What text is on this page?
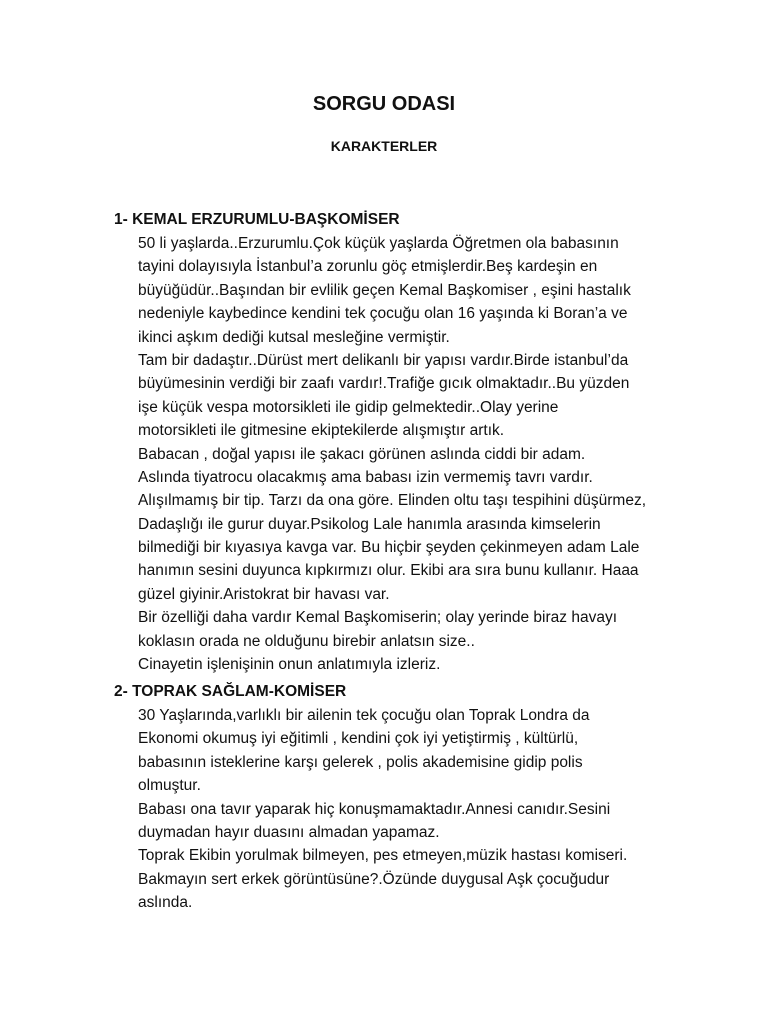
SORGU ODASI
KARAKTERLER
1- KEMAL ERZURUMLU-BAŞKOMİSER
50 li yaşlarda..Erzurumlu.Çok küçük yaşlarda Öğretmen ola babasının
tayini dolayısıyla İstanbul’a zorunlu göç etmişlerdir.Beş kardeşin en
büyüğüdür..Başından bir evlilik geçen Kemal Başkomiser , eşini hastalık
nedeniyle kaybedince kendini tek çocuğu olan 16 yaşında ki Boran’a ve
ikinci aşkım dediği kutsal mesleğine vermiştir.
Tam bir dadaştır..Dürüst mert delikanlı bir yapısı vardır.Birde istanbul’da
büyümesinin verdiği bir zaafı vardır!.Trafiğe gıcık olmaktadır..Bu yüzden
işe küçük vespa motorsikleti ile gidip gelmektedir..Olay yerine
motorsikleti ile gitmesine ekiptekilerde alışmıştır artık.
Babacan , doğal yapısı ile şakacı görünen aslında ciddi bir adam.
Aslında tiyatrocu olacakmış ama babası izin vermemiş tavrı vardır.
Alışılmamış bir tip. Tarzı da ona göre. Elinden oltu taşı tespihini düşürmez,
Dadaşlığı ile gurur duyar.Psikolog Lale hanımla arasında kimselerin
bilmediği bir kıyasıya kavga var. Bu hiçbir şeyden çekinmeyen adam Lale
hanımın sesini duyunca kıpkırmızı olur. Ekibi ara sıra bunu kullanır. Haaa
güzel giyinir.Aristokrat bir havası var.
Bir özelliği daha vardır Kemal Başkomiserin; olay yerinde biraz havayı
koklasın orada ne olduğunu birebir anlatsın size..
Cinayetin işlenişinin onun anlatımıyla izleriz.
2- TOPRAK SAĞLAM-KOMİSER
30 Yaşlarında,varlıklı bir ailenin tek çocuğu olan Toprak Londra da
Ekonomi okumuş iyi eğitimli , kendini çok iyi yetiştirmiş , kültürlü,
babasının isteklerine karşı gelerek , polis akademisine gidip polis
olmuştur.
Babası ona tavır yaparak hiç konuşmamaktadır.Annesi canıdır.Sesini
duymadan hayır duasını almadan yapamaz.
Toprak Ekibin yorulmak bilmeyen, pes etmeyen,müzik hastası komiseri.
Bakmayın sert erkek görüntüsüne?.Özünde duygusal Aşk çocuğudur
aslında.
